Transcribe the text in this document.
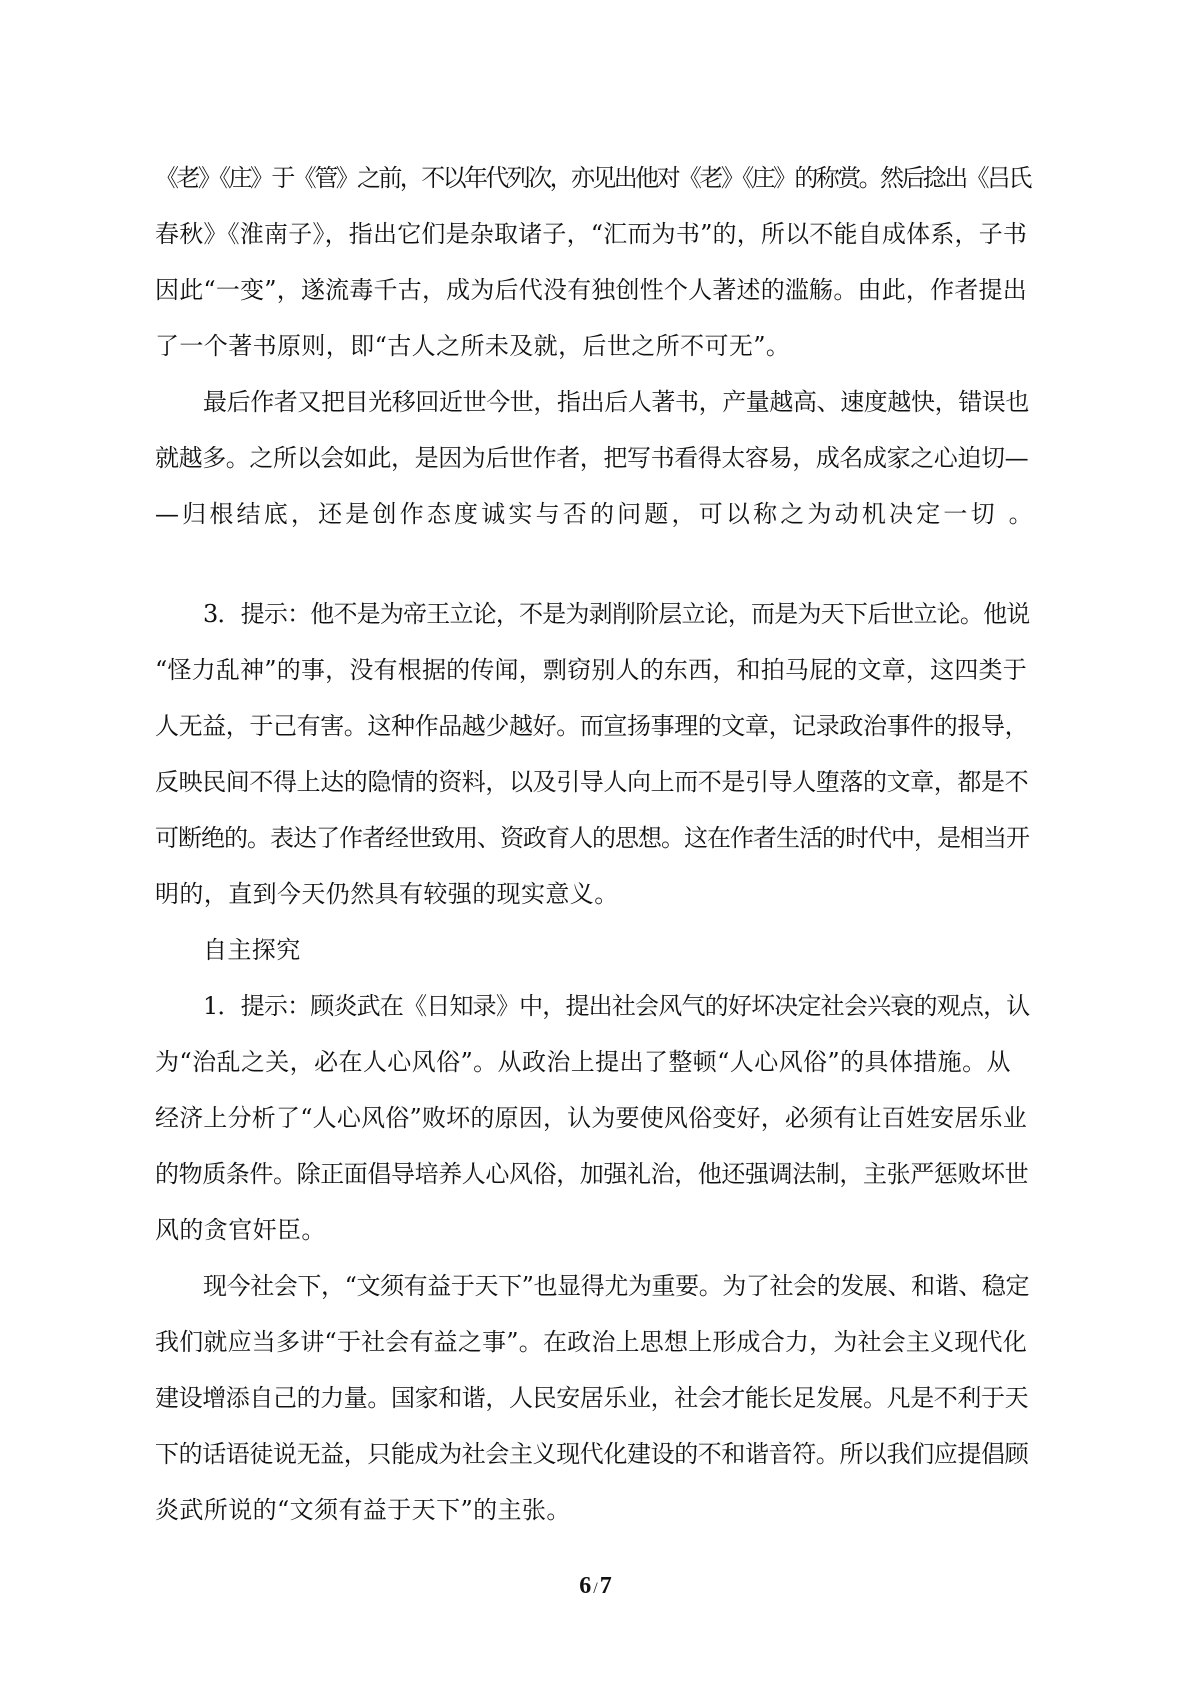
《老》《庄》于《管》之前，不以年代列次，亦见出他对《老》《庄》的称赏。然后捻出《吕氏
春秋》《淮南子》，指出它们是杂取诸子，“汇而为书”的，所以不能自成体系，子书
因此“一变”，遂流毒千古，成为后代没有独创性个人著述的滥觞。由此，作者提出
了一个著书原则，即“古人之所未及就，后世之所不可无”。
最后作者又把目光移回近世今世，指出后人著书，产量越高、速度越快，错误也
就越多。之所以会如此，是因为后世作者，把写书看得太容易，成名成家之心迫切—
—归根结底，还是创作态度诚实与否的问题，可以称之为动机决定一切 。
3．提示：他不是为帝王立论，不是为剥削阶层立论，而是为天下后世立论。他说
“怪力乱神”的事，没有根据的传闻，剽窃别人的东西，和拍马屁的文章，这四类于
人无益，于己有害。这种作品越少越好。而宣扬事理的文章，记录政治事件的报导，
反映民间不得上达的隐情的资料，以及引导人向上而不是引导人堕落的文章，都是不
可断绝的。表达了作者经世致用、资政育人的思想。这在作者生活的时代中，是相当开
明的，直到今天仍然具有较强的现实意义。
自主探究
1．提示：顾炎武在《日知录》中，提出社会风气的好坏决定社会兴衰的观点，认
为“治乱之关，必在人心风俗”。从政治上提出了整顿“人心风俗”的具体措施。从
经济上分析了“人心风俗”败坏的原因，认为要使风俗变好，必须有让百姓安居乐业
的物质条件。除正面倡导培养人心风俗，加强礼治，他还强调法制，主张严惩败坏世
风的贪官奸臣。
现今社会下，“文须有益于天下”也显得尤为重要。为了社会的发展、和谐、稳定
我们就应当多讲“于社会有益之事”。在政治上思想上形成合力，为社会主义现代化
建设增添自己的力量。国家和谐，人民安居乐业，社会才能长足发展。凡是不利于天
下的话语徒说无益，只能成为社会主义现代化建设的不和谐音符。所以我们应提倡顾
炎武所说的“文须有益于天下”的主张。
6 /7
